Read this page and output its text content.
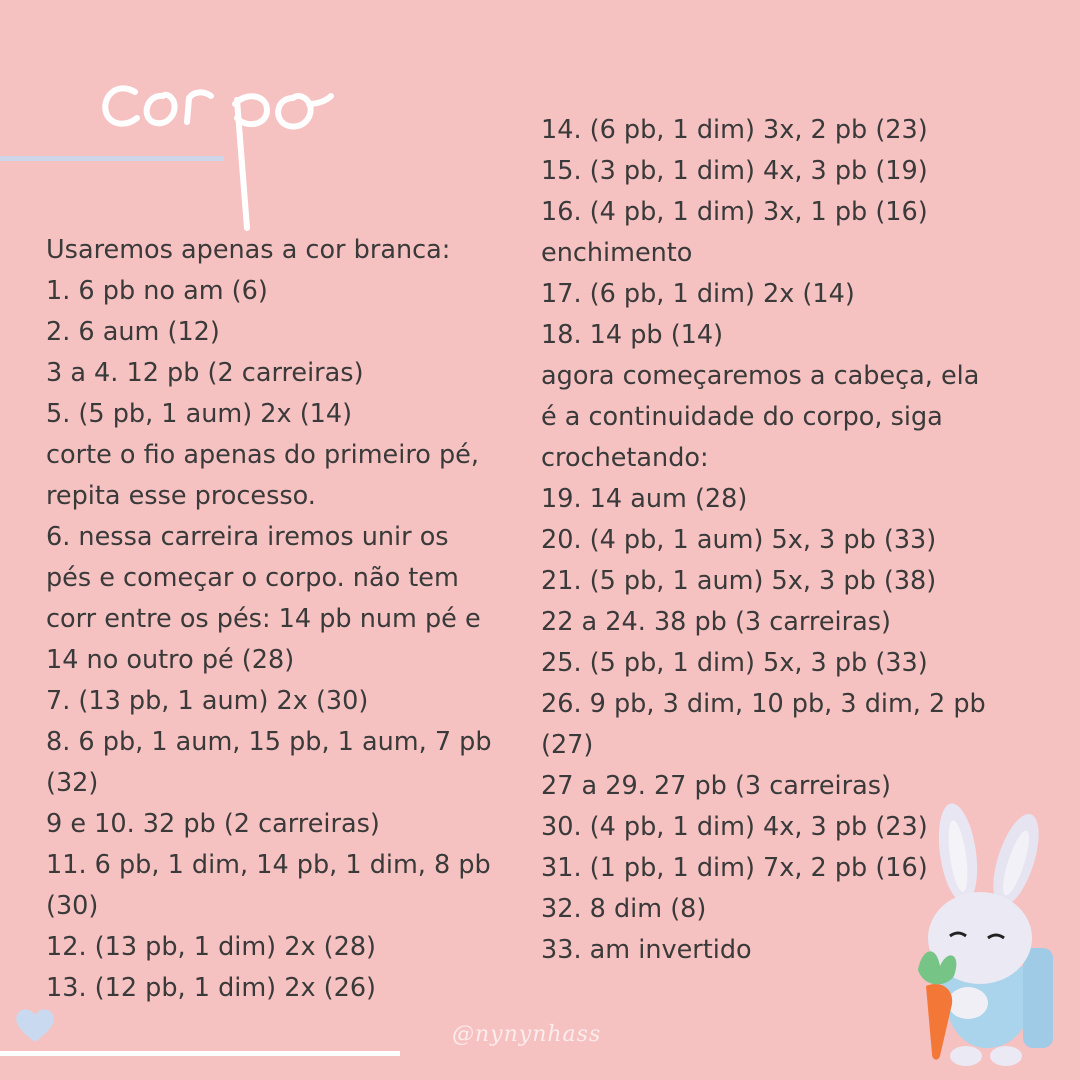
corpo

Usaremos apenas a cor branca:

1. 6 pb no am (6)

2. 6 aum (12)

3 a 4. 12 pb (2 carreiras)

5. (5 pb, 1 aum) 2x (14)

corte o fio apenas do primeiro pé,

repita esse processo.

6. nessa carreira iremos unir os

pés e começar o corpo. não tem

corr entre os pés: 14 pb num pé e

14 no outro pé (28)

7. (13 pb, 1 aum) 2x (30)

8. 6 pb, 1 aum, 15 pb, 1 aum, 7 pb

(32)

9 e 10. 32 pb (2 carreiras)

11. 6 pb, 1 dim, 14 pb, 1 dim, 8 pb

(30)

12. (13 pb, 1 dim) 2x (28)

13. (12 pb, 1 dim) 2x (26)

14. (6 pb, 1 dim) 3x, 2 pb (23)

15. (3 pb, 1 dim) 4x, 3 pb (19)

16. (4 pb, 1 dim) 3x, 1 pb (16)

enchimento

17. (6 pb, 1 dim) 2x (14)

18. 14 pb (14)

agora começaremos a cabeça, ela

é a continuidade do corpo, siga

crochetando:

19. 14 aum (28)

20. (4 pb, 1 aum) 5x, 3 pb (33)

21. (5 pb, 1 aum) 5x, 3 pb (38)

22 a 24. 38 pb (3 carreiras)

25. (5 pb, 1 dim) 5x, 3 pb (33)

26. 9 pb, 3 dim, 10 pb, 3 dim, 2 pb

(27)

27 a 29. 27 pb (3 carreiras)

30. (4 pb, 1 dim) 4x, 3 pb (23)

31. (1 pb, 1 dim) 7x, 2 pb (16)

32. 8 dim (8)

33. am invertido

@nynynhass
